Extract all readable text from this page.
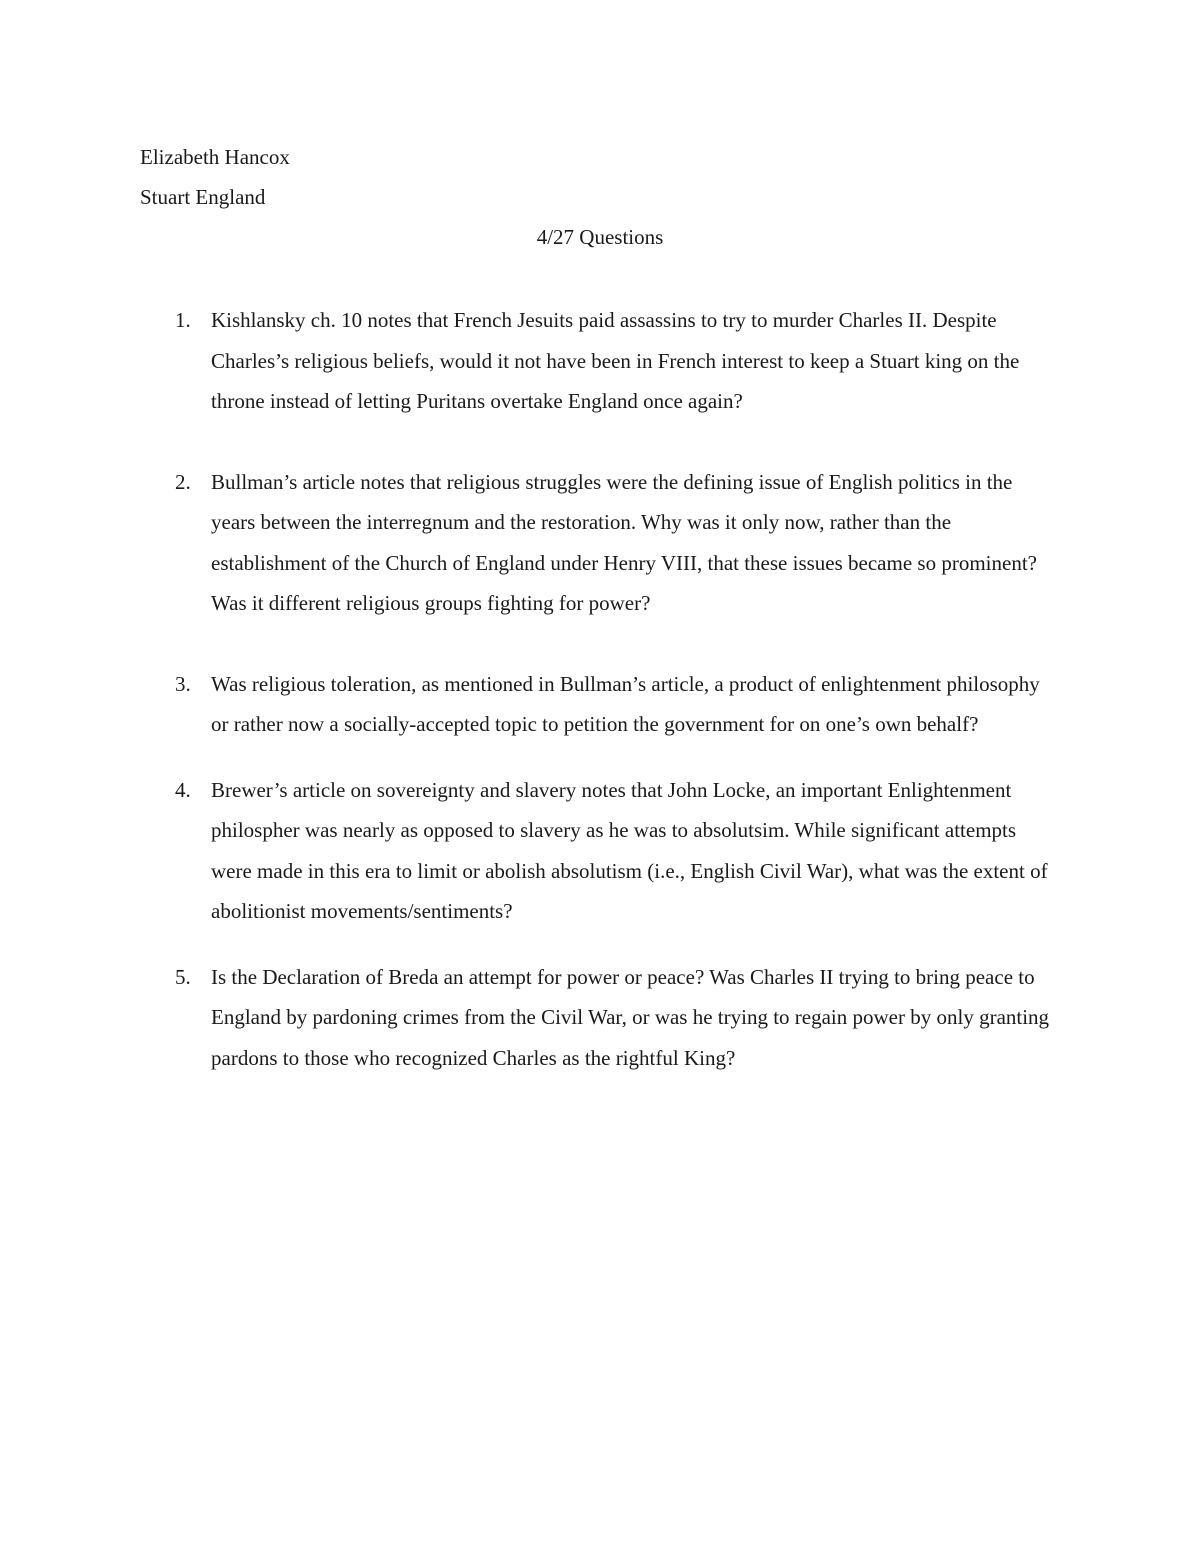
Elizabeth Hancox
Stuart England
4/27 Questions
1. Kishlansky ch. 10 notes that French Jesuits paid assassins to try to murder Charles II. Despite Charles’s religious beliefs, would it not have been in French interest to keep a Stuart king on the throne instead of letting Puritans overtake England once again?
2. Bullman’s article notes that religious struggles were the defining issue of English politics in the years between the interregnum and the restoration. Why was it only now, rather than the establishment of the Church of England under Henry VIII, that these issues became so prominent? Was it different religious groups fighting for power?
3. Was religious toleration, as mentioned in Bullman’s article, a product of enlightenment philosophy or rather now a socially-accepted topic to petition the government for on one’s own behalf?
4. Brewer’s article on sovereignty and slavery notes that John Locke, an important Enlightenment philospher was nearly as opposed to slavery as he was to absolutsim. While significant attempts were made in this era to limit or abolish absolutism (i.e., English Civil War), what was the extent of abolitionist movements/sentiments?
5. Is the Declaration of Breda an attempt for power or peace? Was Charles II trying to bring peace to England by pardoning crimes from the Civil War, or was he trying to regain power by only granting pardons to those who recognized Charles as the rightful King?
